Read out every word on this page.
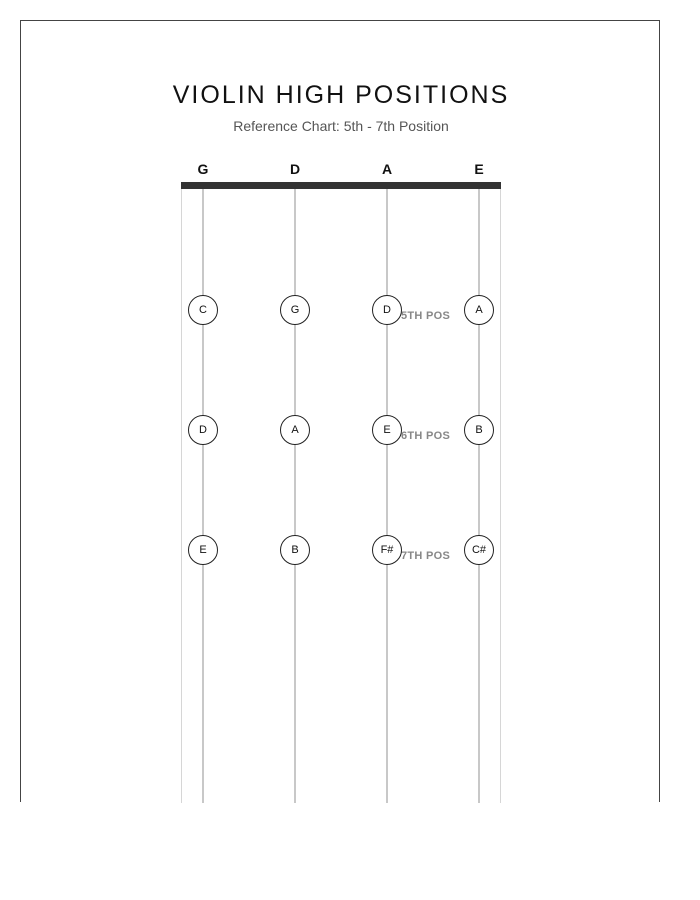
VIOLIN HIGH POSITIONS

Reference Chart: 5th - 7th Position

G	D	A	E
5TH POS
C	G	D	A
6TH POS
D	A	E	B
7TH POS
E	B	F#	C#
